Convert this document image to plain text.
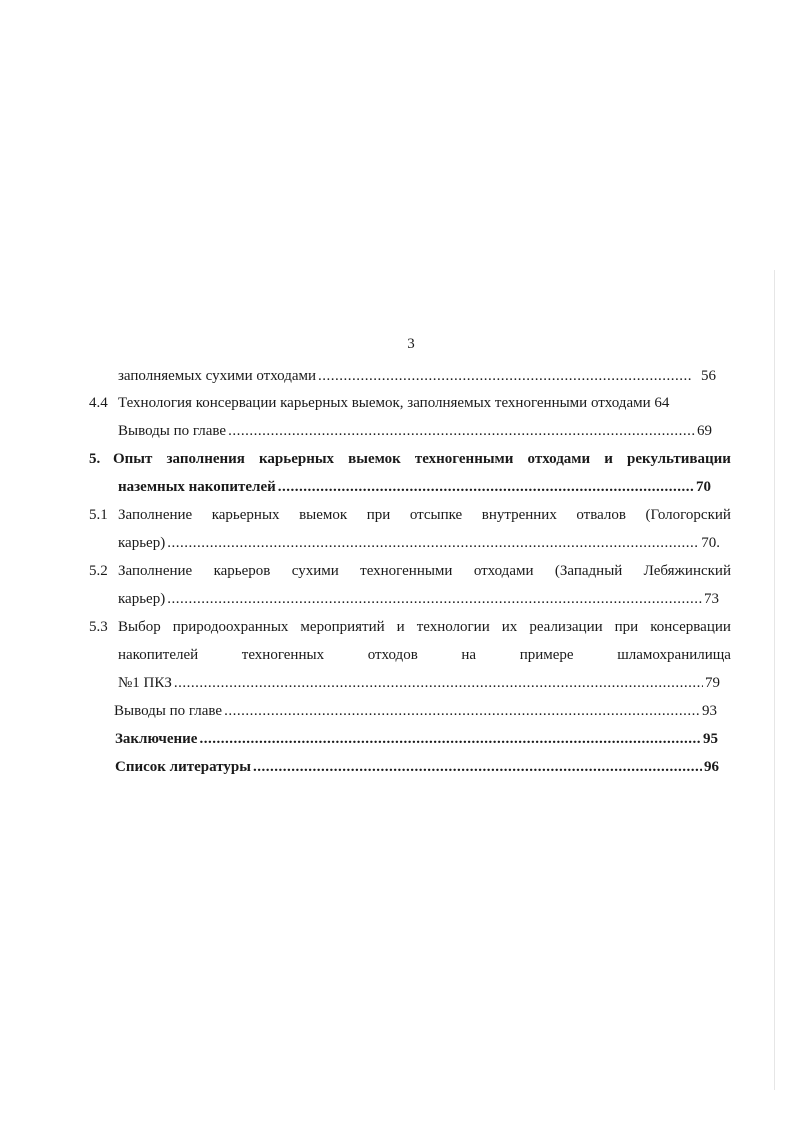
3
заполняемых сухими отходами .....	56
4.4 Технология консервации карьерных выемок, заполняемых техногенными отходами 64
Выводы по главе .....	69
5. Опыт заполнения карьерных выемок техногенными отходами и рекультивации
наземных накопителей .....	70
5.1 Заполнение карьерных выемок при отсыпке внутренних отвалов (Гологорский
карьер) .....	70.
5.2 Заполнение карьеров сухими техногенными отходами (Западный Лебяжинский
карьер) .....	73
5.3 Выбор природоохранных мероприятий и технологии их реализации при консервации
накопителей	техногенных	отходов	на	примере	шламохранилища
№1 ПКЗ .....	79
Выводы по главе .....	93
Заключение .....	95
Список литературы .....	96
